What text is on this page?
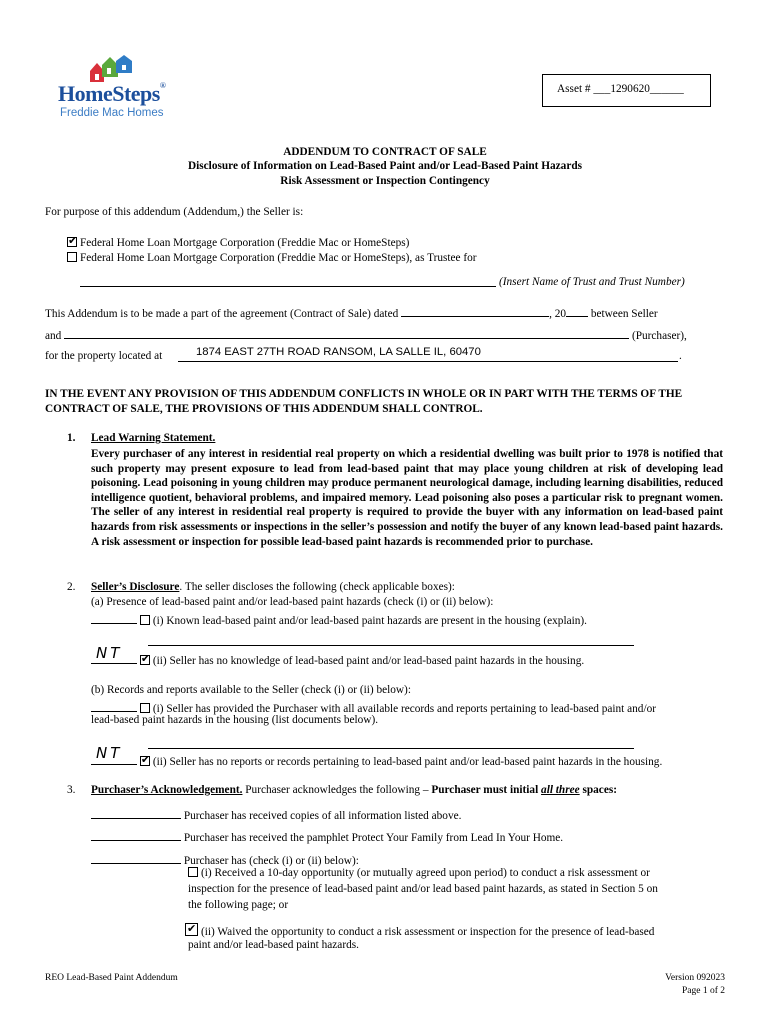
HomeSteps®
Freddie Mac Homes
Asset # ___1290620______
ADDENDUM TO CONTRACT OF SALE
Disclosure of Information on Lead-Based Paint and/or Lead-Based Paint Hazards
Risk Assessment or Inspection Contingency
For purpose of this addendum (Addendum,) the Seller is:
✔ Federal Home Loan Mortgage Corporation (Freddie Mac or HomeSteps)
Federal Home Loan Mortgage Corporation (Freddie Mac or HomeSteps), as Trustee for
(Insert Name of Trust and Trust Number)
This Addendum is to be made a part of the agreement (Contract of Sale) dated	, 20 between Seller
and	(Purchaser),
for the property located at	1874 EAST 27TH ROAD RANSOM, LA SALLE IL, 60470	.
IN THE EVENT ANY PROVISION OF THIS ADDENDUM CONFLICTS IN WHOLE OR IN PART WITH THE TERMS OF THE CONTRACT OF SALE, THE PROVISIONS OF THIS ADDENDUM SHALL CONTROL.
1. Lead Warning Statement.
Every purchaser of any interest in residential real property on which a residential dwelling was built prior to 1978 is notified that such property may present exposure to lead from lead-based paint that may place young children at risk of developing lead poisoning. Lead poisoning in young children may produce permanent neurological damage, including learning disabilities, reduced intelligence quotient, behavioral problems, and impaired memory. Lead poisoning also poses a particular risk to pregnant women. The seller of any interest in residential real property is required to provide the buyer with any information on lead-based paint hazards from risk assessments or inspections in the seller’s possession and notify the buyer of any known lead-based paint hazards. A risk assessment or inspection for possible lead-based paint hazards is recommended prior to purchase.
2. Seller’s Disclosure. The seller discloses the following (check applicable boxes):
(a) Presence of lead-based paint and/or lead-based paint hazards (check (i) or (ii) below):
(i) Known lead-based paint and/or lead-based paint hazards are present in the housing (explain).

✔ (ii) Seller has no knowledge of lead-based paint and/or lead-based paint hazards in the housing.
NT
(b) Records and reports available to the Seller (check (i) or (ii) below):
(i) Seller has provided the Purchaser with all available records and reports pertaining to lead-based paint and/or
lead-based paint hazards in the housing (list documents below).

✔ (ii) Seller has no reports or records pertaining to lead-based paint and/or lead-based paint hazards in the housing.
NT
3. Purchaser’s Acknowledgement. Purchaser acknowledges the following – Purchaser must initial all three spaces:
Purchaser has received copies of all information listed above.
Purchaser has received the pamphlet Protect Your Family from Lead In Your Home.
Purchaser has (check (i) or (ii) below):
(i) Received a 10-day opportunity (or mutually agreed upon period) to conduct a risk assessment or
inspection for the presence of lead-based paint and/or lead based paint hazards, as stated in Section 5 on
the following page; or
✔ (ii) Waived the opportunity to conduct a risk assessment or inspection for the presence of lead-based
paint and/or lead-based paint hazards.
REO Lead-Based Paint Addendum	Version 092023
Page 1 of 2
